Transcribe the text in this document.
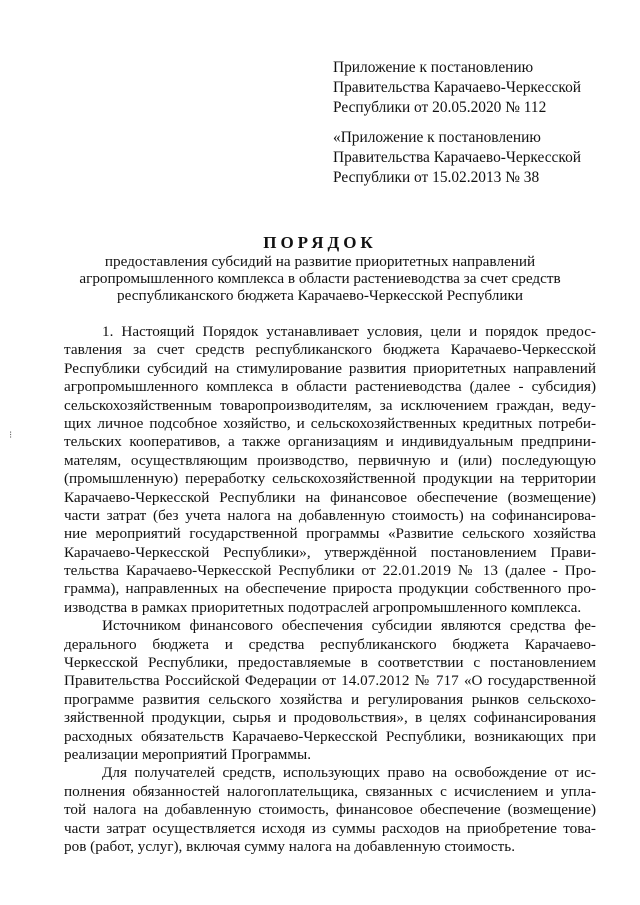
Приложение к постановлению
Правительства Карачаево-Черкесской
Республики от 20.05.2020 № 112
«Приложение к постановлению
Правительства Карачаево-Черкесской
Республики от 15.02.2013 № 38
ПОРЯДОК
предоставления субсидий на развитие приоритетных направлений
агропромышленного комплекса в области растениеводства за счет средств
республиканского бюджета Карачаево-Черкесской Республики
1. Настоящий Порядок устанавливает условия, цели и порядок предос-
тавления за счет средств республиканского бюджета Карачаево-Черкесской
Республики субсидий на стимулирование развития приоритетных направлений
агропромышленного комплекса в области растениеводства (далее - субсидия)
сельскохозяйственным товаропроизводителям, за исключением граждан, веду-
щих личное подсобное хозяйство, и сельскохозяйственных кредитных потреби-
тельских кооперативов, а также организациям и индивидуальным предприни-
мателям, осуществляющим производство, первичную и (или) последующую
(промышленную) переработку сельскохозяйственной продукции на территории
Карачаево-Черкесской Республики на финансовое обеспечение (возмещение)
части затрат (без учета налога на добавленную стоимость) на софинансирова-
ние мероприятий государственной программы «Развитие сельского хозяйства
Карачаево-Черкесской Республики», утверждённой постановлением Прави-
тельства Карачаево-Черкесской Республики от 22.01.2019 № 13 (далее - Про-
грамма), направленных на обеспечение прироста продукции собственного про-
изводства в рамках приоритетных подотраслей агропромышленного комплекса.
Источником финансового обеспечения субсидии являются средства фе-
дерального бюджета и средства республиканского бюджета Карачаево-
Черкесской Республики, предоставляемые в соответствии с постановлением
Правительства Российской Федерации от 14.07.2012 № 717 «О государственной
программе развития сельского хозяйства и регулирования рынков сельскохо-
зяйственной продукции, сырья и продовольствия», в целях софинансирования
расходных обязательств Карачаево-Черкесской Республики, возникающих при
реализации мероприятий Программы.
Для получателей средств, использующих право на освобождение от ис-
полнения обязанностей налогоплательщика, связанных с исчислением и упла-
той налога на добавленную стоимость, финансовое обеспечение (возмещение)
части затрат осуществляется исходя из суммы расходов на приобретение това-
ров (работ, услуг), включая сумму налога на добавленную стоимость.
⁝
